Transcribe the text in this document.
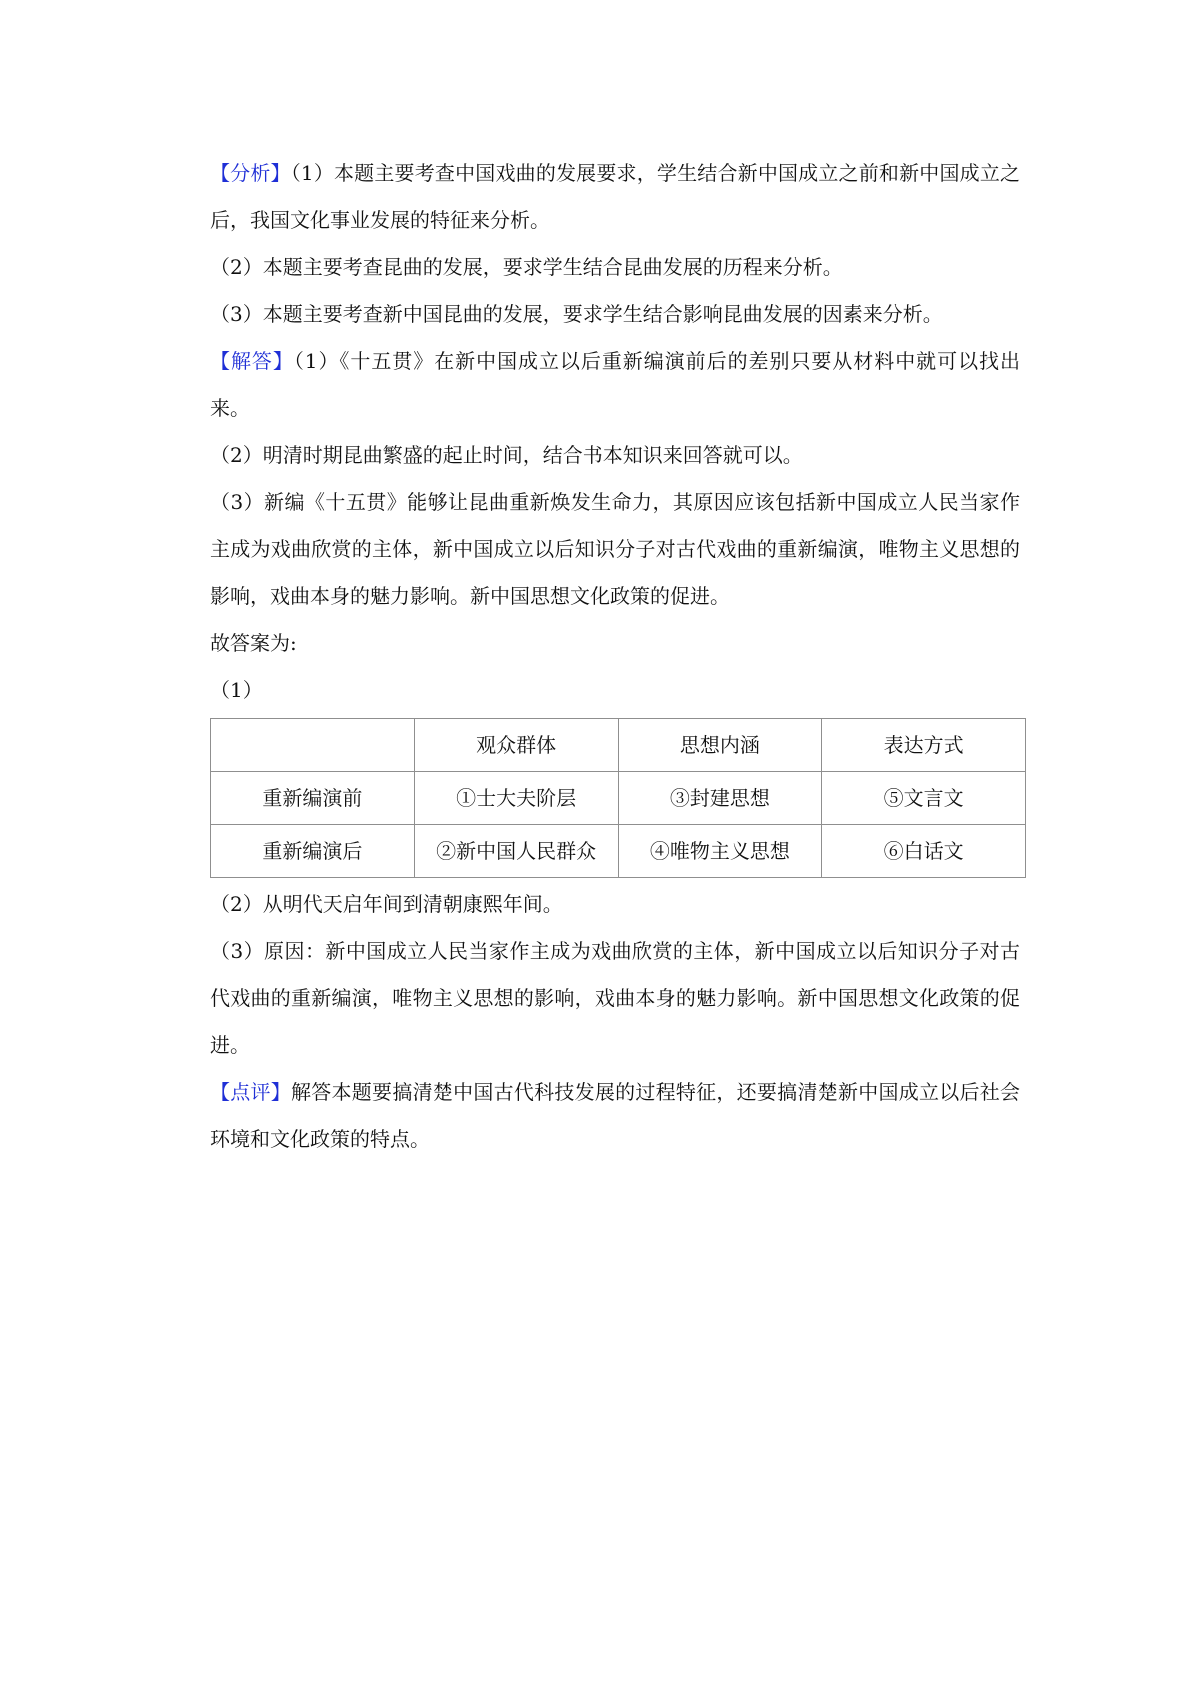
【分析】（1）本题主要考查中国戏曲的发展要求，学生结合新中国成立之前和新中国成立之后，我国文化事业发展的特征来分析。

（2）本题主要考查昆曲的发展，要求学生结合昆曲发展的历程来分析。

（3）本题主要考查新中国昆曲的发展，要求学生结合影响昆曲发展的因素来分析。

【解答】（1）《十五贯》在新中国成立以后重新编演前后的差别只要从材料中就可以找出来。

（2）明清时期昆曲繁盛的起止时间，结合书本知识来回答就可以。

（3）新编《十五贯》能够让昆曲重新焕发生命力，其原因应该包括新中国成立人民当家作主成为戏曲欣赏的主体，新中国成立以后知识分子对古代戏曲的重新编演，唯物主义思想的影响，戏曲本身的魅力影响。新中国思想文化政策的促进。

故答案为:

（1）

	观众群体	思想内涵	表达方式
重新编演前	①士大夫阶层	③封建思想	⑤文言文
重新编演后	②新中国人民群众	④唯物主义思想	⑥白话文

（2）从明代天启年间到清朝康熙年间。

（3）原因：新中国成立人民当家作主成为戏曲欣赏的主体，新中国成立以后知识分子对古代戏曲的重新编演，唯物主义思想的影响，戏曲本身的魅力影响。新中国思想文化政策的促进。

【点评】解答本题要搞清楚中国古代科技发展的过程特征，还要搞清楚新中国成立以后社会环境和文化政策的特点。
